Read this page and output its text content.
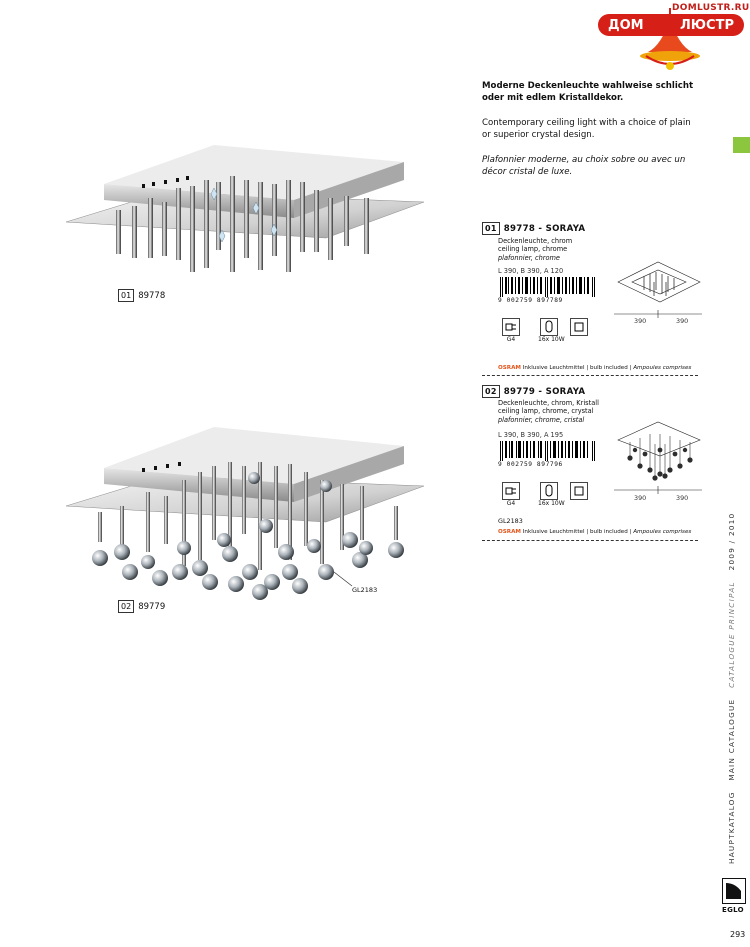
DOMLUSTR.RU
ДОМ	ЛЮСТР
Moderne Deckenleuchte wahlweise schlicht oder mit edlem Kristalldekor.
Contemporary ceiling light with a choice of plain or superior crystal design.
Plafonnier moderne, au choix sobre ou avec un décor cristal de luxe.
01 89778
GL2183
02 89779
01 89778 - SORAYA
Deckenleuchte, chrom
ceiling lamp, chrome
plafonnier, chrome
L 390, B 390, A 120
9 002759 897789
G4	16x 10W
390	390
OSRAM Inklusive Leuchtmittel | bulb included | Ampoules comprises
02 89779 - SORAYA
Deckenleuchte, chrom, Kristall
ceiling lamp, chrome, crystal
plafonnier, chrome, cristal
L 390, B 390, A 195
9 002759 897796
G4	16x 10W
GL2183
390	390
OSRAM Inklusive Leuchtmittel | bulb included | Ampoules comprises
HAUPTKATALOG   MAIN CATALOGUE   CATALOGUE PRINCIPAL   2009 / 2010
EGLO
293
